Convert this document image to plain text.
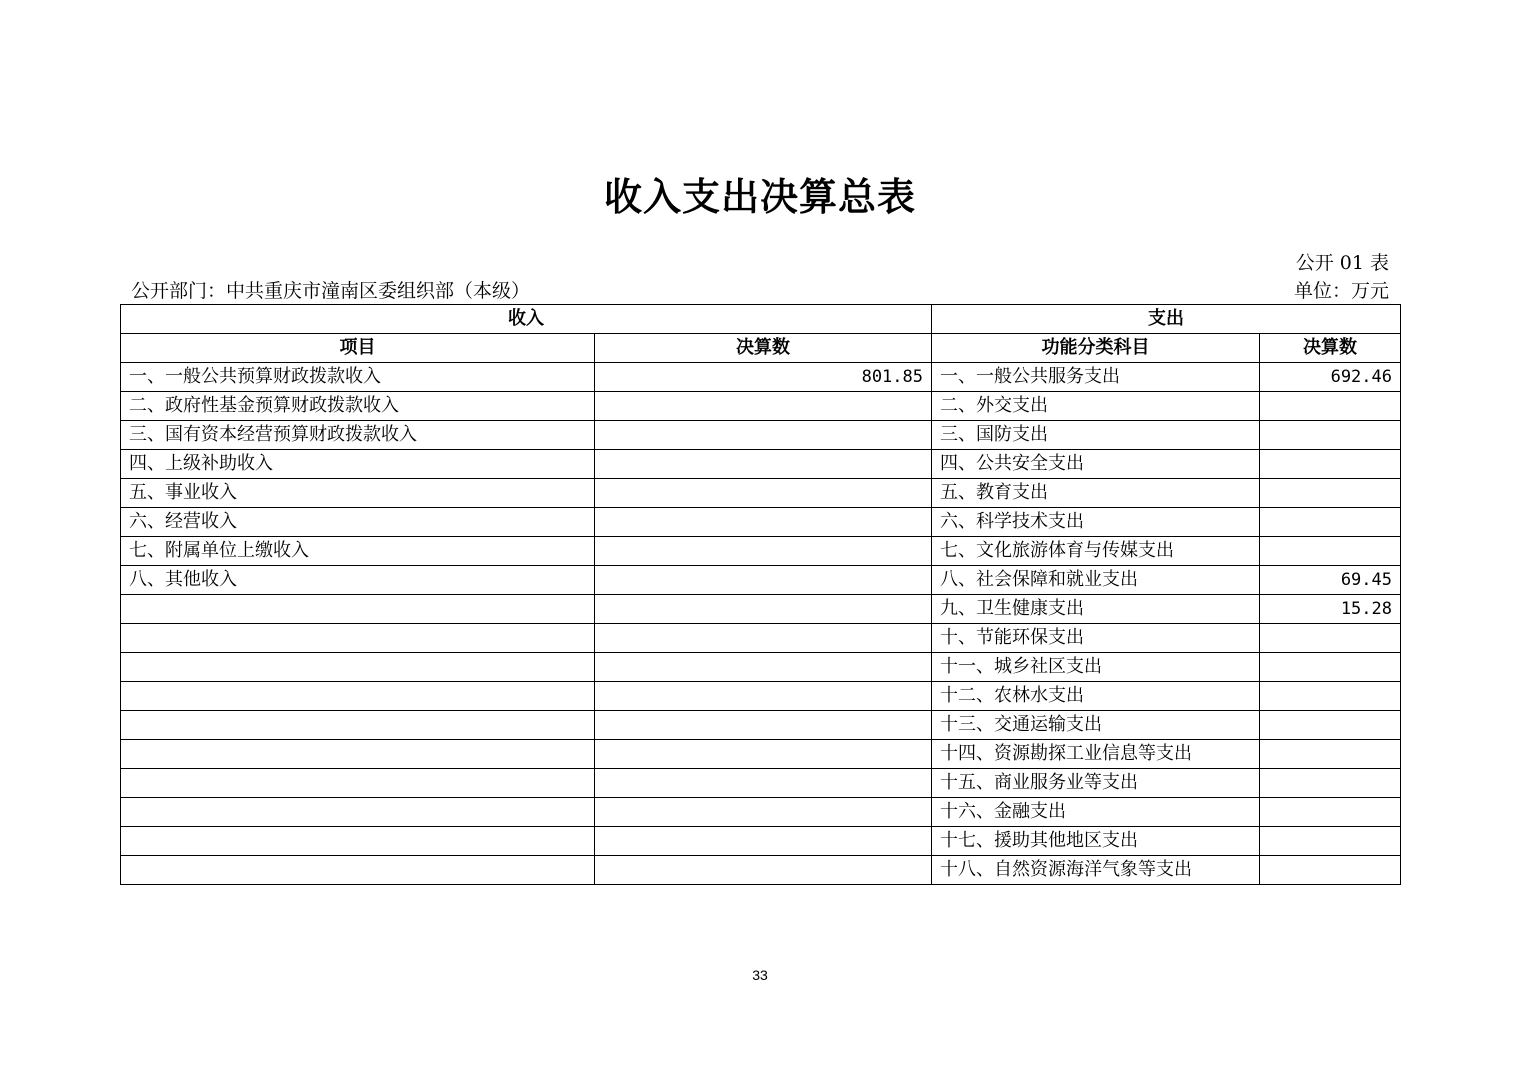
收入支出决算总表
公开 01 表
公开部门：中共重庆市潼南区委组织部（本级）	单位：万元
收入		支出	
项目	决算数	功能分类科目	决算数
一、一般公共预算财政拨款收入	801.85	一、一般公共服务支出	692.46
二、政府性基金预算财政拨款收入		二、外交支出	
三、国有资本经营预算财政拨款收入		三、国防支出	
四、上级补助收入		四、公共安全支出	
五、事业收入		五、教育支出	
六、经营收入		六、科学技术支出	
七、附属单位上缴收入		七、文化旅游体育与传媒支出	
八、其他收入		八、社会保障和就业支出	69.45
		九、卫生健康支出	15.28
		十、节能环保支出	
		十一、城乡社区支出	
		十二、农林水支出	
		十三、交通运输支出	
		十四、资源勘探工业信息等支出	
		十五、商业服务业等支出	
		十六、金融支出	
		十七、援助其他地区支出	
		十八、自然资源海洋气象等支出	
33
